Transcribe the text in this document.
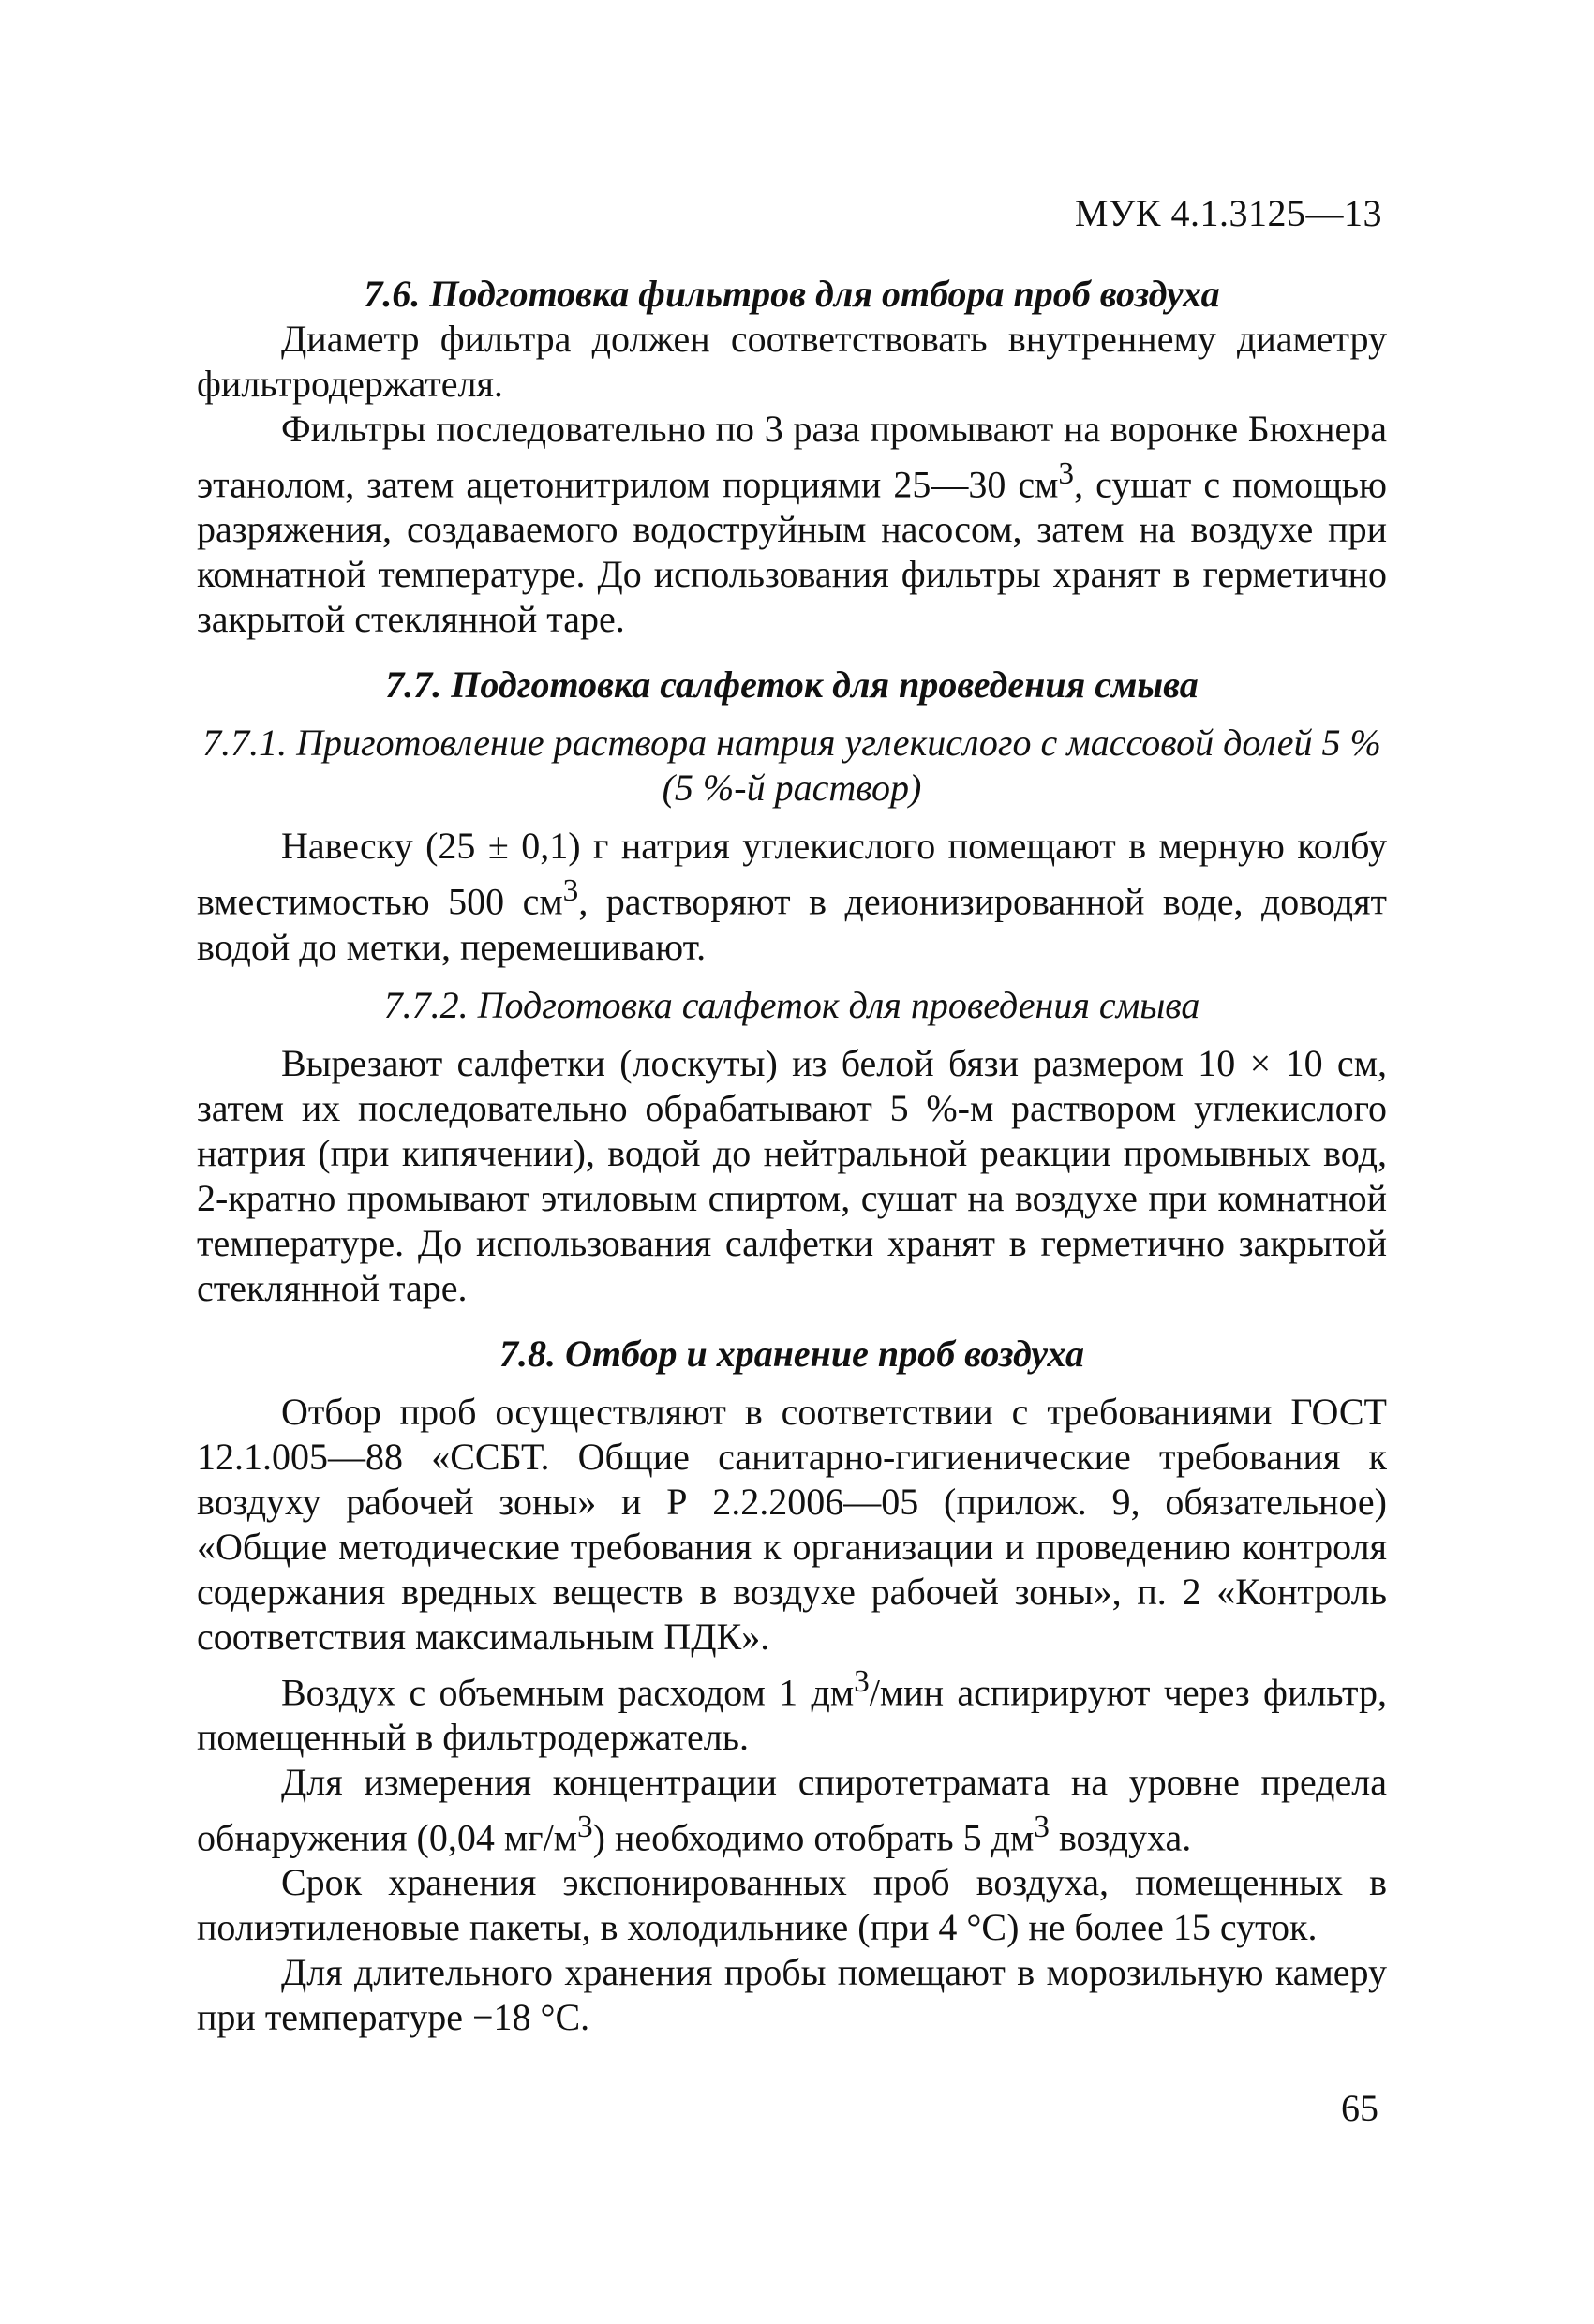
МУК 4.1.3125—13

7.6. Подготовка фильтров для отбора проб воздуха

Диаметр фильтра должен соответствовать внутреннему диаметру фильтродержателя.

Фильтры последовательно по 3 раза промывают на воронке Бюхнера этанолом, затем ацетонитрилом порциями 25—30 $см^3$, сушат с помощью разряжения, создаваемого водоструйным насосом, затем на воздухе при комнатной температуре. До использования фильтры хранят в герметично закрытой стеклянной таре.

7.7. Подготовка салфеток для проведения смыва

7.7.1. Приготовление раствора натрия углекислого с массовой долей 5 % (5 %-й раствор)

Навеску (25 ± 0,1) г натрия углекислого помещают в мерную колбу вместимостью 500 $см^3$, растворяют в деионизированной воде, доводят водой до метки, перемешивают.

7.7.2. Подготовка салфеток для проведения смыва

Вырезают салфетки (лоскуты) из белой бязи размером 10 × 10 см, затем их последовательно обрабатывают 5 %-м раствором углекислого натрия (при кипячении), водой до нейтральной реакции промывных вод, 2-кратно промывают этиловым спиртом, сушат на воздухе при комнатной температуре. До использования салфетки хранят в герметично закрытой стеклянной таре.

7.8. Отбор и хранение проб воздуха

Отбор проб осуществляют в соответствии с требованиями ГОСТ 12.1.005—88 «ССБТ. Общие санитарно-гигиенические требования к воздуху рабочей зоны» и Р 2.2.2006—05 (прилож. 9, обязательное) «Общие методические требования к организации и проведению контроля содержания вредных веществ в воздухе рабочей зоны», п. 2 «Контроль соответствия максимальным ПДК».

Воздух с объемным расходом 1 $дм^3$/мин аспирируют через фильтр, помещенный в фильтродержатель.

Для измерения концентрации спиротетрамата на уровне предела обнаружения (0,04 $мг/м^3$) необходимо отобрать 5 $дм^3$ воздуха.

Срок хранения экспонированных проб воздуха, помещенных в полиэтиленовые пакеты, в холодильнике (при 4 °С) не более 15 суток.

Для длительного хранения пробы помещают в морозильную камеру при температуре −18 °С.

65
